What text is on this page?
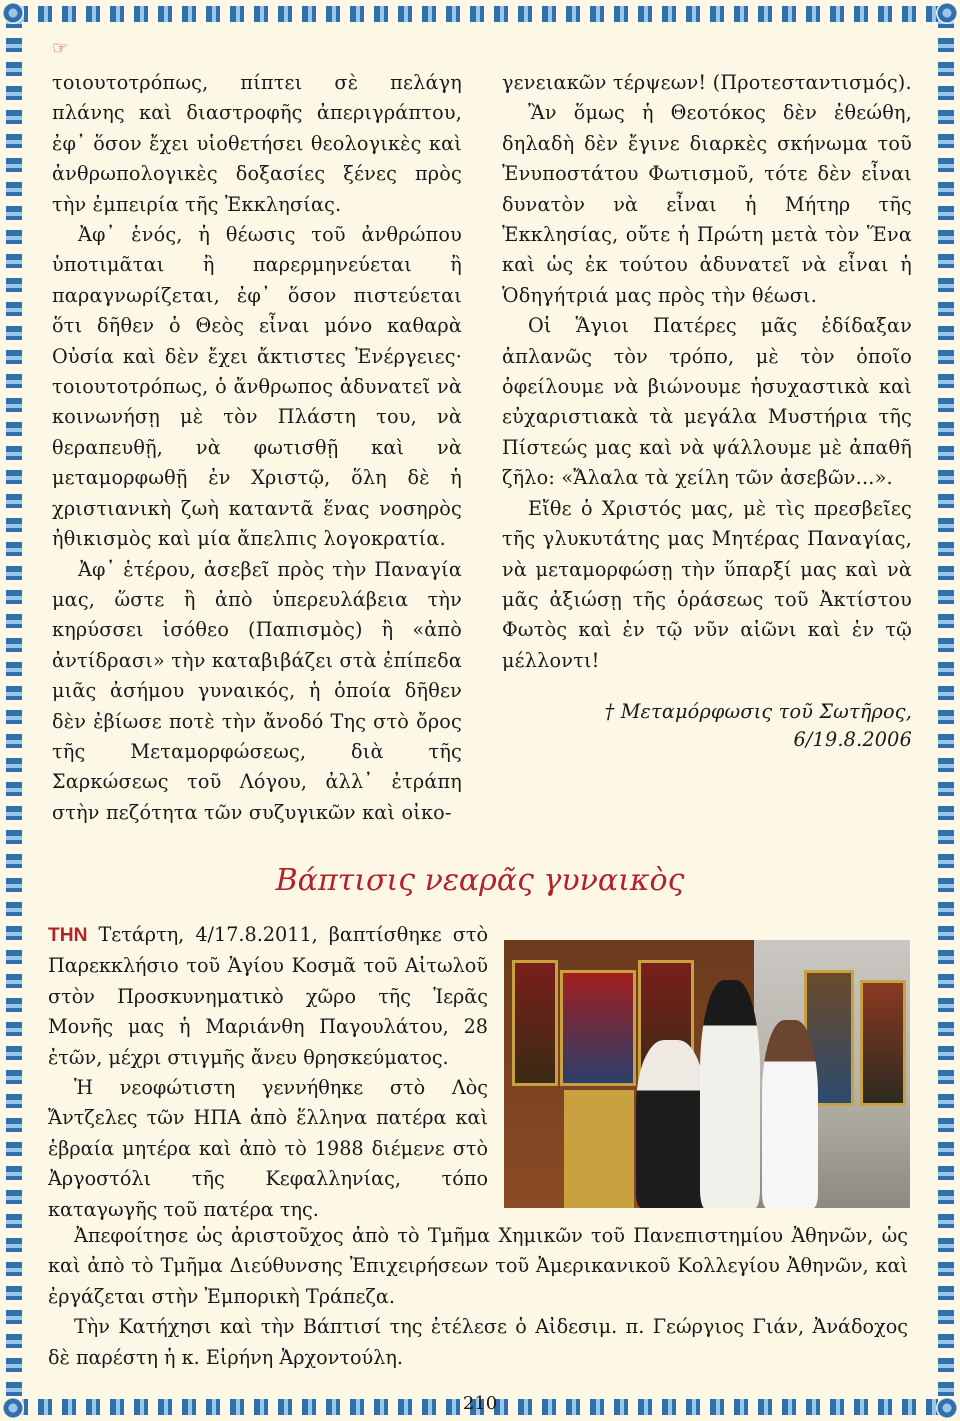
☞

τοιουτοτρόπως, πίπτει σὲ πελάγη πλάνης καὶ διαστροφῆς ἀπεριγράπτου, ἐφ᾽ ὅσον ἔχει υἱοθετήσει θεολογικὲς καὶ ἀνθρωπολογικὲς δοξασίες ξένες πρὸς τὴν ἐμπειρία τῆς Ἐκκλησίας.

Ἀφ᾽ ἑνός, ἡ θέωσις τοῦ ἀνθρώπου ὑποτιμᾶται ἢ παρερμηνεύεται ἢ παραγνωρίζεται, ἐφ᾽ ὅσον πιστεύεται ὅτι δῆθεν ὁ Θεὸς εἶναι μόνο καθαρὰ Οὐσία καὶ δὲν ἔχει ἄκτιστες Ἐνέργειες· τοιουτοτρόπως, ὁ ἄνθρωπος ἀδυνατεῖ νὰ κοινωνήσῃ μὲ τὸν Πλάστη του, νὰ θεραπευθῇ, νὰ φωτισθῇ καὶ νὰ μεταμορφωθῇ ἐν Χριστῷ, ὅλη δὲ ἡ χριστιανικὴ ζωὴ καταντᾶ ἕνας νοσηρὸς ἠθικισμὸς καὶ μία ἄπελπις λογοκρατία.

Ἀφ᾽ ἑτέρου, ἀσεβεῖ πρὸς τὴν Παναγία μας, ὥστε ἢ ἀπὸ ὑπερευλάβεια τὴν κηρύσσει ἰσόθεο (Παπισμὸς) ἢ «ἀπὸ ἀντίδρασι» τὴν καταβιβάζει στὰ ἐπίπεδα μιᾶς ἀσήμου γυναικός, ἡ ὁποία δῆθεν δὲν ἐβίωσε ποτὲ τὴν ἄνοδό Της στὸ ὄρος τῆς Μεταμορφώσεως, διὰ τῆς Σαρκώσεως τοῦ Λόγου, ἀλλ᾽ ἐτράπη στὴν πεζότητα τῶν συζυγικῶν καὶ οἰκο-

γενειακῶν τέρψεων! (Προτεσταντισμός).

Ἂν ὅμως ἡ Θεοτόκος δὲν ἐθεώθη, δηλαδὴ δὲν ἔγινε διαρκὲς σκήνωμα τοῦ Ἐνυποστάτου Φωτισμοῦ, τότε δὲν εἶναι δυνατὸν νὰ εἶναι ἡ Μήτηρ τῆς Ἐκκλησίας, οὔτε ἡ Πρώτη μετὰ τὸν Ἕνα καὶ ὡς ἐκ τούτου ἀδυνατεῖ νὰ εἶναι ἡ Ὁδηγήτριά μας πρὸς τὴν θέωσι.

Οἱ Ἅγιοι Πατέρες μᾶς ἐδίδαξαν ἀπλανῶς τὸν τρόπο, μὲ τὸν ὁποῖο ὀφείλουμε νὰ βιώνουμε ἡσυχαστικὰ καὶ εὐχαριστιακὰ τὰ μεγάλα Μυστήρια τῆς Πίστεώς μας καὶ νὰ ψάλλουμε μὲ ἀπαθῆ ζῆλο: «Ἄλαλα τὰ χείλη τῶν ἀσεβῶν...».

Εἴθε ὁ Χριστός μας, μὲ τὶς πρεσβεῖες τῆς γλυκυτάτης μας Μητέρας Παναγίας, νὰ μεταμορφώσῃ τὴν ὕπαρξί μας καὶ νὰ μᾶς ἀξιώσῃ τῆς ὁράσεως τοῦ Ἀκτίστου Φωτὸς καὶ ἐν τῷ νῦν αἰῶνι καὶ ἐν τῷ μέλλοντι!

† Μεταμόρφωσις τοῦ Σωτῆρος,
6/19.8.2006

Βάπτισις νεαρᾶς γυναικὸς

ΤΗΝ Τετάρτη, 4/17.8.2011, βαπτίσθηκε στὸ Παρεκκλήσιο τοῦ Ἁγίου Κοσμᾶ τοῦ Αἰτωλοῦ στὸν Προσκυνηματικὸ χῶρο τῆς Ἱερᾶς Μονῆς μας ἡ Μαριάνθη Παγουλάτου, 28 ἐτῶν, μέχρι στιγμῆς ἄνευ θρησκεύματος.

Ἡ νεοφώτιστη γεννήθηκε στὸ Λὸς Ἄντζελες τῶν ΗΠΑ ἀπὸ ἕλληνα πατέρα καὶ ἑβραία μητέρα καὶ ἀπὸ τὸ 1988 διέμενε στὸ Ἀργοστόλι τῆς Κεφαλληνίας, τόπο καταγωγῆς τοῦ πατέρα της.

Ἀπεφοίτησε ὡς ἀριστοῦχος ἀπὸ τὸ Τμῆμα Χημικῶν τοῦ Πανεπιστημίου Ἀθηνῶν, ὡς καὶ ἀπὸ τὸ Τμῆμα Διεύθυνσης Ἐπιχειρήσεων τοῦ Ἀμερικανικοῦ Κολλεγίου Ἀθηνῶν, καὶ ἐργάζεται στὴν Ἐμπορικὴ Τράπεζα.

Τὴν Κατήχησι καὶ τὴν Βάπτισί της ἐτέλεσε ὁ Αἰδεσιμ. π. Γεώργιος Γιάν, Ἀνάδοχος δὲ παρέστη ἡ κ. Εἰρήνη Ἀρχοντούλη.

210
